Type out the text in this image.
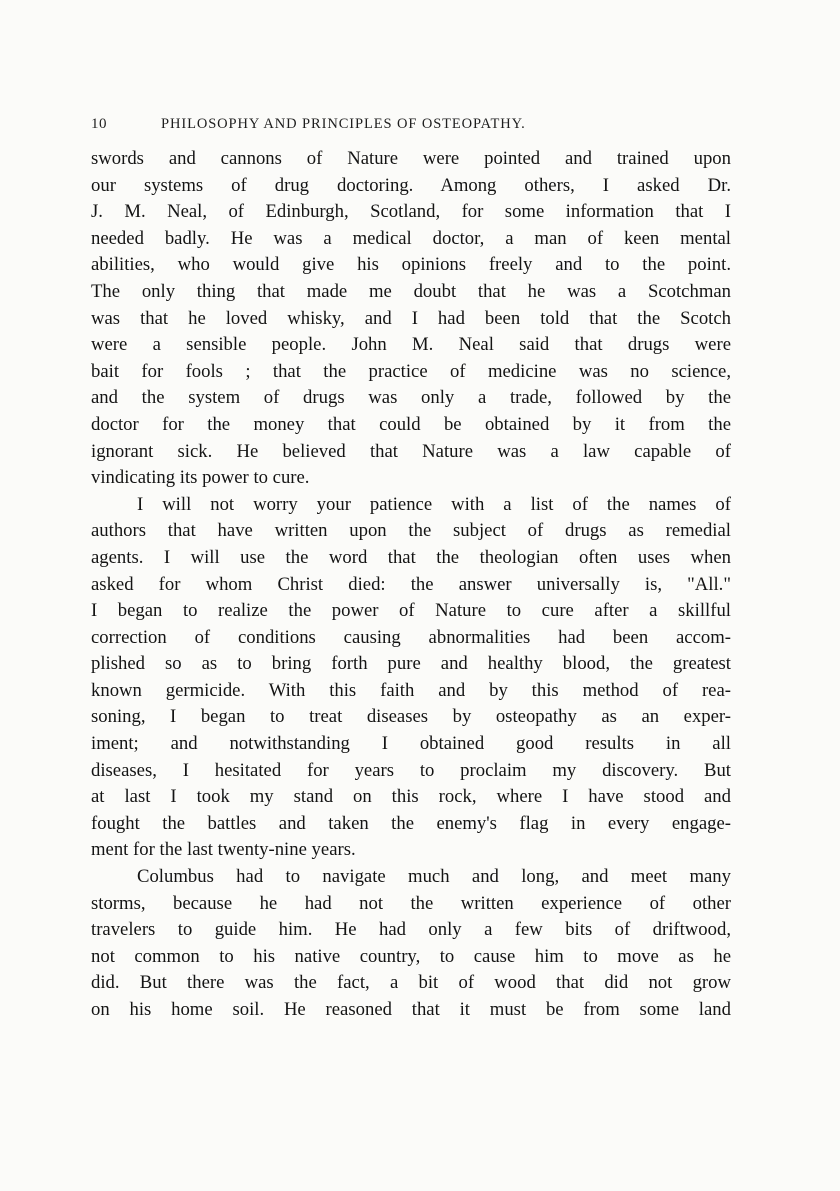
10	PHILOSOPHY AND PRINCIPLES OF OSTEOPATHY.
swords and cannons of Nature were pointed and trained upon
our systems of drug doctoring. Among others, I asked Dr.
J. M. Neal, of Edinburgh, Scotland, for some information that I
needed badly. He was a medical doctor, a man of keen mental
abilities, who would give his opinions freely and to the point.
The only thing that made me doubt that he was a Scotchman
was that he loved whisky, and I had been told that the Scotch
were a sensible people. John M. Neal said that drugs were
bait for fools ; that the practice of medicine was no science,
and the system of drugs was only a trade, followed by the
doctor for the money that could be obtained by it from the
ignorant sick. He believed that Nature was a law capable of
vindicating its power to cure.
I will not worry your patience with a list of the names of
authors that have written upon the subject of drugs as remedial
agents. I will use the word that the theologian often uses when
asked for whom Christ died: the answer universally is, "All."
I began to realize the power of Nature to cure after a skillful
correction of conditions causing abnormalities had been accom-
plished so as to bring forth pure and healthy blood, the greatest
known germicide. With this faith and by this method of rea-
soning, I began to treat diseases by osteopathy as an exper-
iment; and notwithstanding I obtained good results in all
diseases, I hesitated for years to proclaim my discovery. But
at last I took my stand on this rock, where I have stood and
fought the battles and taken the enemy's flag in every engage-
ment for the last twenty-nine years.
Columbus had to navigate much and long, and meet many
storms, because he had not the written experience of other
travelers to guide him. He had only a few bits of driftwood,
not common to his native country, to cause him to move as he
did. But there was the fact, a bit of wood that did not grow
on his home soil. He reasoned that it must be from some land
